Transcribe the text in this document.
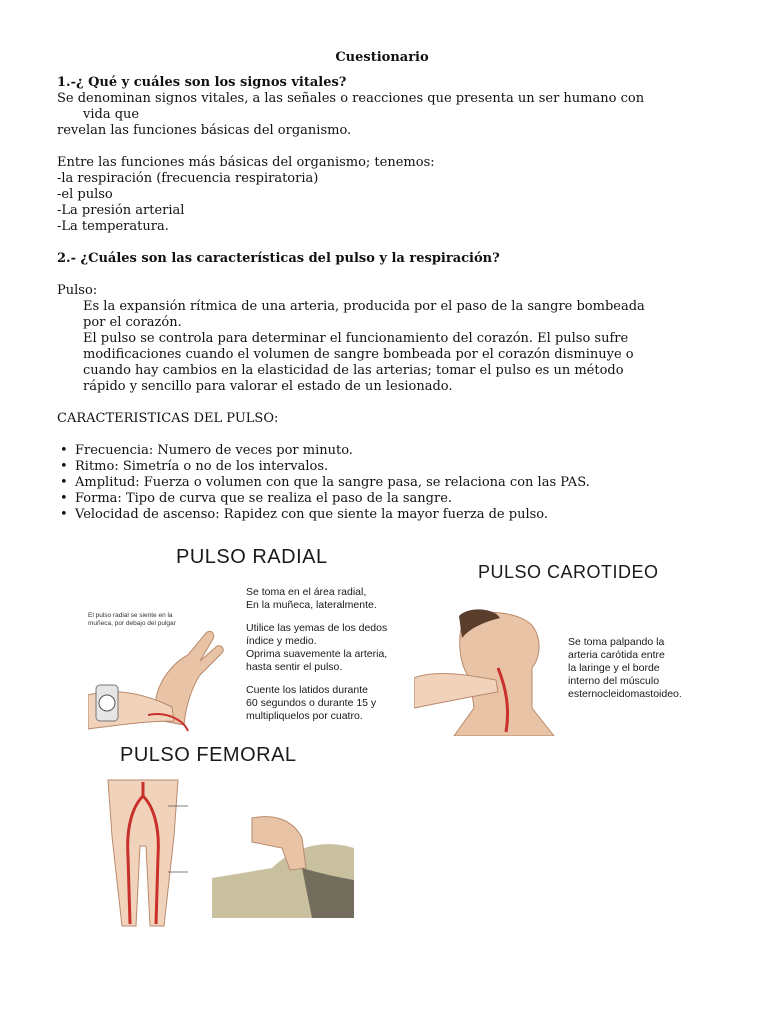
Cuestionario

1.-¿ Qué y cuáles son los signos vitales?

Se denominan signos vitales, a las señales o reacciones que presenta un ser humano con

vida que

revelan las funciones básicas del organismo.

Entre las funciones más básicas del organismo; tenemos:

-la respiración (frecuencia respiratoria)

-el pulso

-La presión arterial

-La temperatura.

2.- ¿Cuáles son las características del pulso y la respiración?

Pulso:

Es la expansión rítmica de una arteria, producida por el paso de la sangre bombeada

por el corazón.

El pulso se controla para determinar el funcionamiento del corazón. El pulso sufre

modificaciones cuando el volumen de sangre bombeada por el corazón disminuye o

cuando hay cambios en la elasticidad de las arterias; tomar el pulso es un método

rápido y sencillo para valorar el estado de un lesionado.

CARACTERISTICAS DEL PULSO:

• Frecuencia: Numero de veces por minuto.
• Ritmo: Simetría o no de los intervalos.
• Amplitud: Fuerza o volumen con que la sangre pasa, se relaciona con las PAS.
• Forma: Tipo de curva que se realiza el paso de la sangre.
• Velocidad de ascenso: Rapidez con que siente la mayor fuerza de pulso.
PULSO RADIAL
El pulso radial se siente en la
muñeca, por debajo del pulgar
Se toma en el área radial,
En la muñeca, lateralmente.
Utilice las yemas de los dedos
índice y medio.
Oprima suavemente la arteria,
hasta sentir el pulso.
Cuente los latidos durante
60 segundos o durante 15 y
multipliquelos por cuatro.
PULSO CAROTIDEO
Se toma palpando la
arteria carótida entre
la laringe y el borde
interno del músculo
esternocleidomastoideo.
PULSO FEMORAL
